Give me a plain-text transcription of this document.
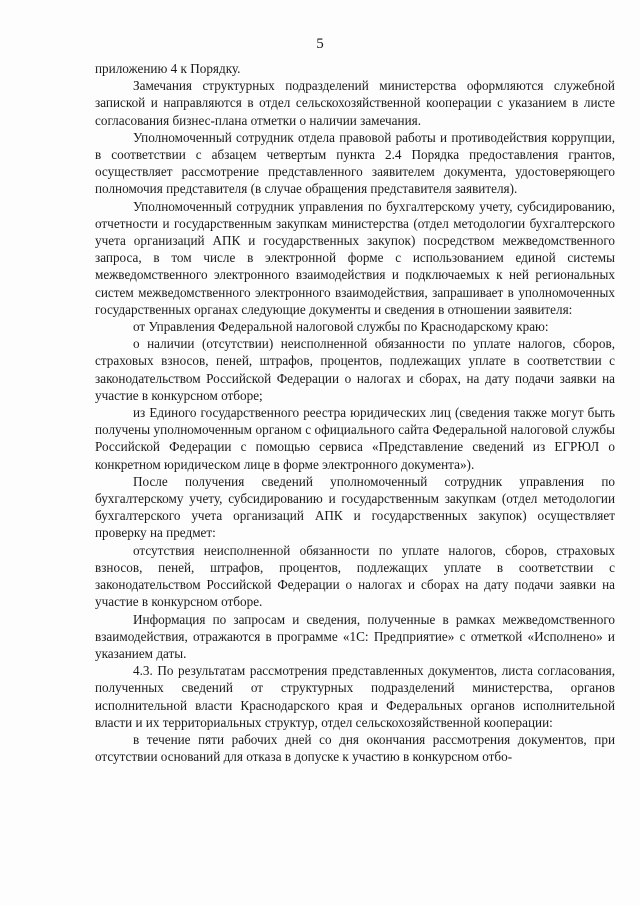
5

приложению 4 к Порядку.

Замечания структурных подразделений министерства оформляются служебной запиской и направляются в отдел сельскохозяйственной кооперации с указанием в листе согласования бизнес-плана отметки о наличии замечания.

Уполномоченный сотрудник отдела правовой работы и противодействия коррупции, в соответствии с абзацем четвертым пункта 2.4 Порядка предоставления грантов, осуществляет рассмотрение представленного заявителем документа, удостоверяющего полномочия представителя (в случае обращения представителя заявителя).

Уполномоченный сотрудник управления по бухгалтерскому учету, субсидированию, отчетности и государственным закупкам министерства (отдел методологии бухгалтерского учета организаций АПК и государственных закупок) посредством межведомственного запроса, в том числе в электронной форме с использованием единой системы межведомственного электронного взаимодействия и подключаемых к ней региональных систем межведомственного электронного взаимодействия, запрашивает в уполномоченных государственных органах следующие документы и сведения в отношении заявителя:

от Управления Федеральной налоговой службы по Краснодарскому краю:

о наличии (отсутствии) неисполненной обязанности по уплате налогов, сборов, страховых взносов, пеней, штрафов, процентов, подлежащих уплате в соответствии с законодательством Российской Федерации о налогах и сборах, на дату подачи заявки на участие в конкурсном отборе;

из Единого государственного реестра юридических лиц (сведения также могут быть получены уполномоченным органом с официального сайта Федеральной налоговой службы Российской Федерации с помощью сервиса «Представление сведений из ЕГРЮЛ о конкретном юридическом лице в форме электронного документа»).

После получения сведений уполномоченный сотрудник управления по бухгалтерскому учету, субсидированию и государственным закупкам (отдел методологии бухгалтерского учета организаций АПК и государственных закупок) осуществляет проверку на предмет:

отсутствия неисполненной обязанности по уплате налогов, сборов, страховых взносов, пеней, штрафов, процентов, подлежащих уплате в соответствии с законодательством Российской Федерации о налогах и сборах на дату подачи заявки на участие в конкурсном отборе.

Информация по запросам и сведения, полученные в рамках межведомственного взаимодействия, отражаются в программе «1С: Предприятие» с отметкой «Исполнено» и указанием даты.

4.3. По результатам рассмотрения представленных документов, листа согласования, полученных сведений от структурных подразделений министерства, органов исполнительной власти Краснодарского края и Федеральных органов исполнительной власти и их территориальных структур, отдел сельскохозяйственной кооперации:

в течение пяти рабочих дней со дня окончания рассмотрения документов, при отсутствии оснований для отказа в допуске к участию в конкурсном отбо-
